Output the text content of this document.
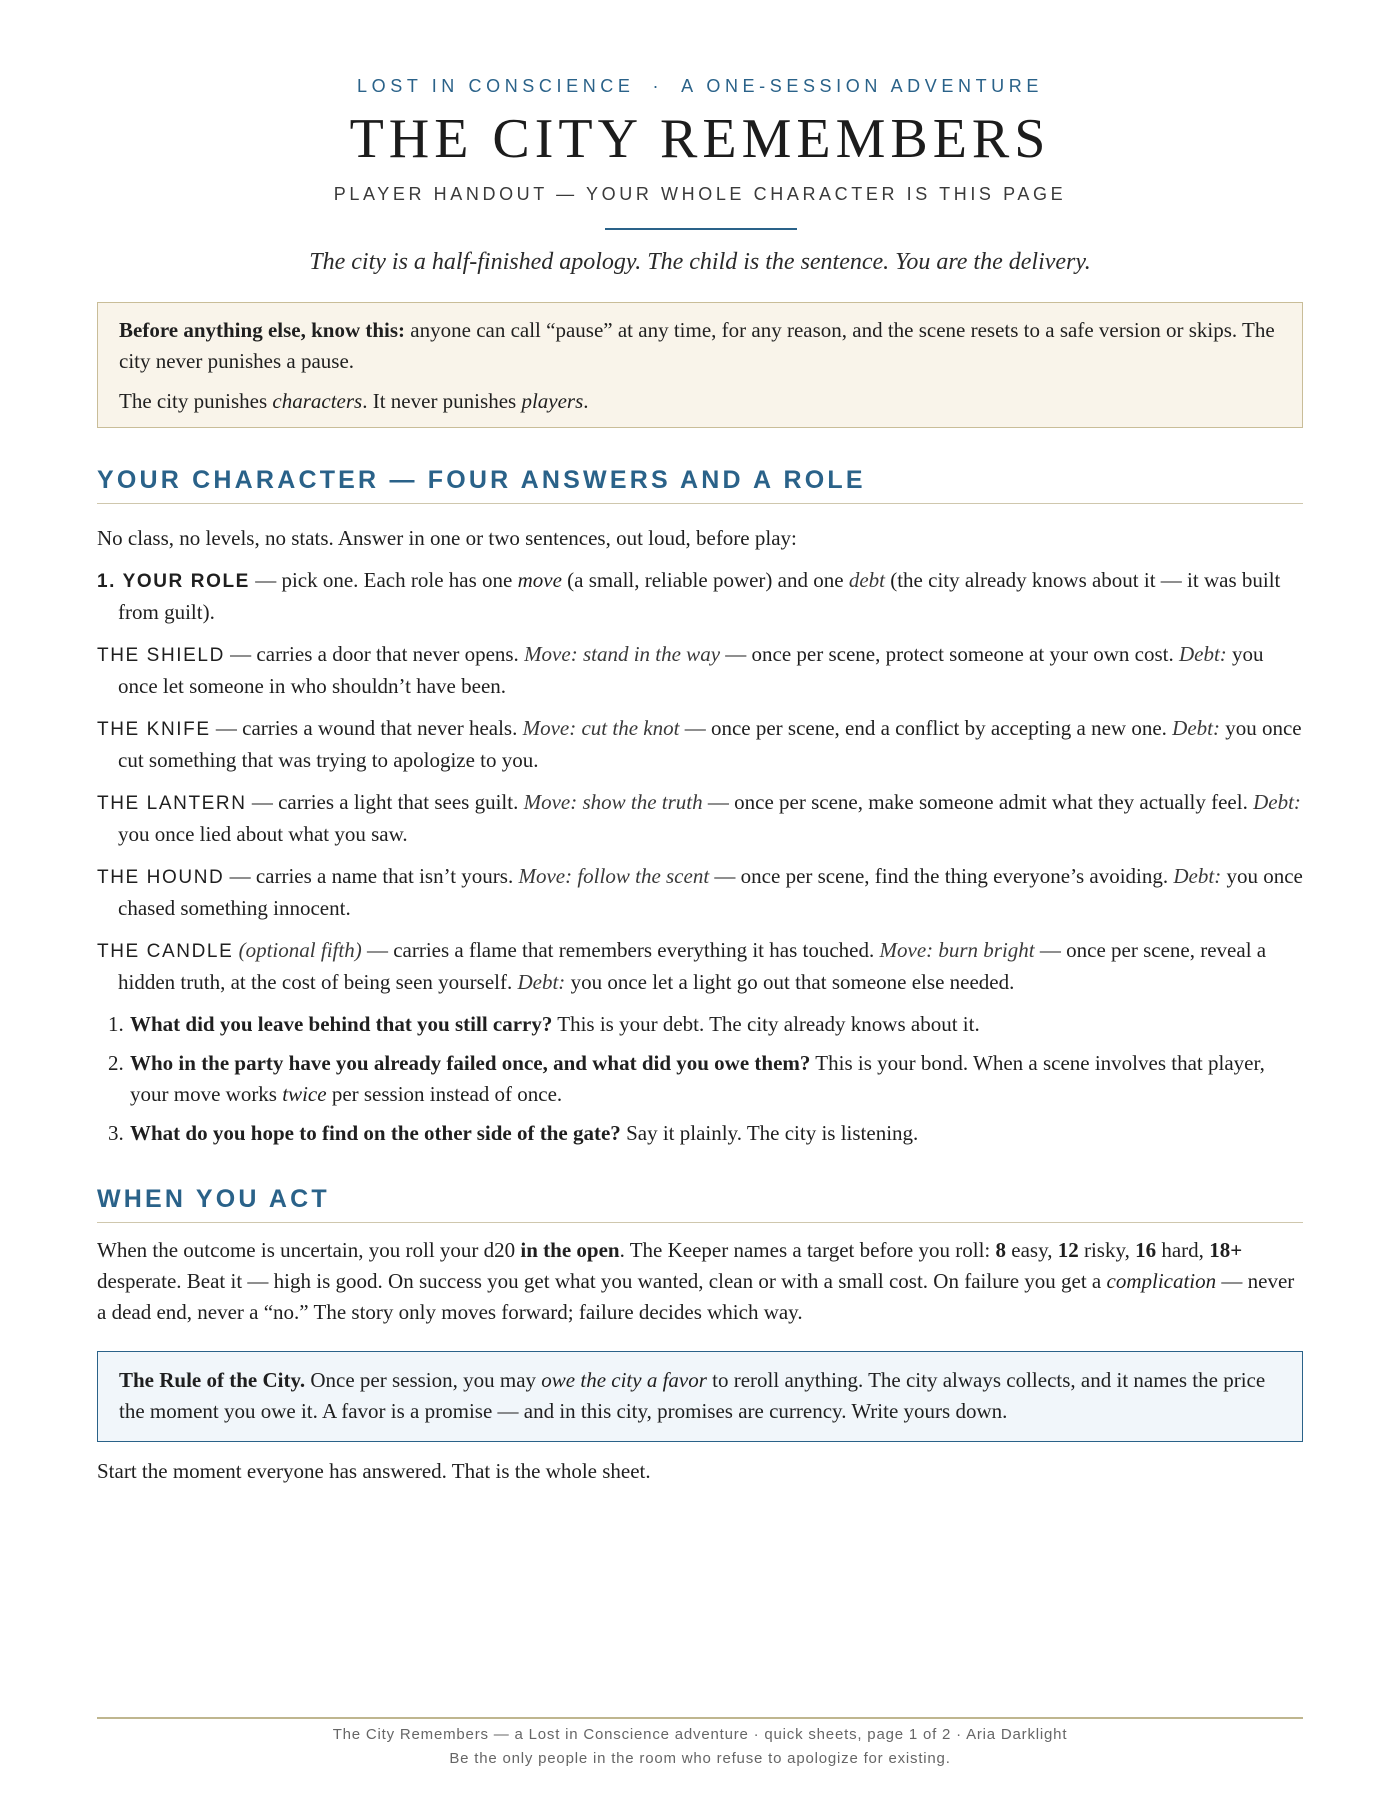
LOST IN CONSCIENCE · A ONE-SESSION ADVENTURE
THE CITY REMEMBERS
PLAYER HANDOUT — YOUR WHOLE CHARACTER IS THIS PAGE
The city is a half-finished apology. The child is the sentence. You are the delivery.

Before anything else, know this: anyone can call “pause” at any time, for any reason, and the scene resets to a safe version or skips. The city never punishes a pause.

The city punishes characters. It never punishes players.

YOUR CHARACTER — FOUR ANSWERS AND A ROLE

No class, no levels, no stats. Answer in one or two sentences, out loud, before play:

1. YOUR ROLE — pick one. Each role has one move (a small, reliable power) and one debt (the city already knows about it — it was built from guilt).

THE SHIELD — carries a door that never opens. Move: stand in the way — once per scene, protect someone at your own cost. Debt: you once let someone in who shouldn’t have been.

THE KNIFE — carries a wound that never heals. Move: cut the knot — once per scene, end a conflict by accepting a new one. Debt: you once cut something that was trying to apologize to you.

THE LANTERN — carries a light that sees guilt. Move: show the truth — once per scene, make someone admit what they actually feel. Debt: you once lied about what you saw.

THE HOUND — carries a name that isn’t yours. Move: follow the scent — once per scene, find the thing everyone’s avoiding. Debt: you once chased something innocent.

THE CANDLE (optional fifth) — carries a flame that remembers everything it has touched. Move: burn bright — once per scene, reveal a hidden truth, at the cost of being seen yourself. Debt: you once let a light go out that someone else needed.

1. What did you leave behind that you still carry? This is your debt. The city already knows about it.
2. Who in the party have you already failed once, and what did you owe them? This is your bond. When a scene involves that player, your move works twice per session instead of once.
3. What do you hope to find on the other side of the gate? Say it plainly. The city is listening.
WHEN YOU ACT

When the outcome is uncertain, you roll your d20 in the open. The Keeper names a target before you roll: 8 easy, 12 risky, 16 hard, 18+ desperate. Beat it — high is good. On success you get what you wanted, clean or with a small cost. On failure you get a complication — never a dead end, never a “no.” The story only moves forward; failure decides which way.

The Rule of the City. Once per session, you may owe the city a favor to reroll anything. The city always collects, and it names the price the moment you owe it. A favor is a promise — and in this city, promises are currency. Write yours down.
Start the moment everyone has answered. That is the whole sheet.
The City Remembers — a Lost in Conscience adventure · quick sheets, page 1 of 2 · Aria Darklight
Be the only people in the room who refuse to apologize for existing.
